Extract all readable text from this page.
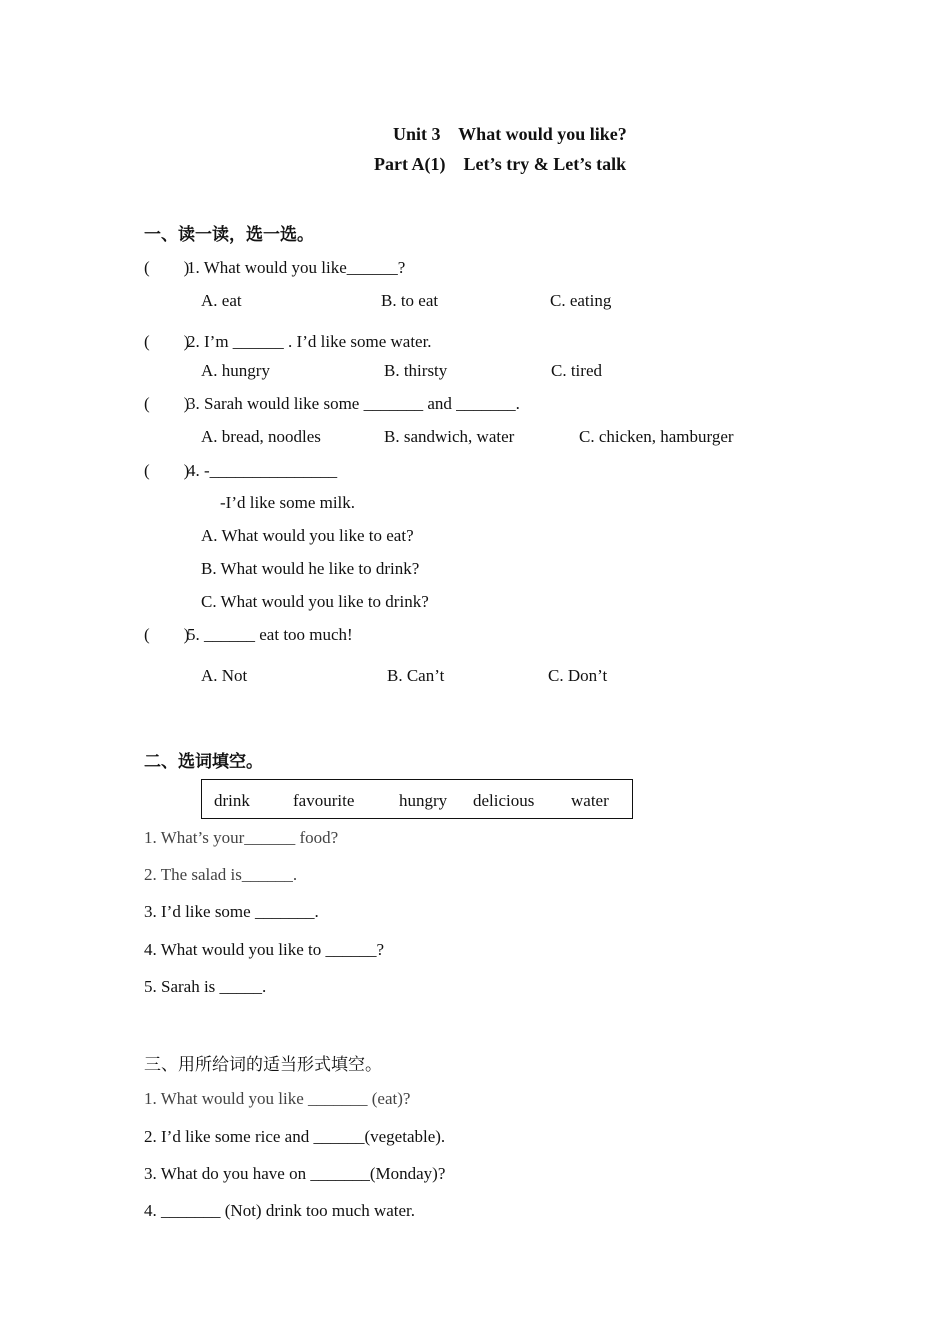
Unit 3    What would you like?
Part A(1)    Let’s try & Let’s talk
一、读一读，选一选。
(        )
1. What would you like______?
A. eat	B. to eat	C. eating
(        )
2. I’m ______ . I’d like some water.
A. hungry	B. thirsty	C. tired
(        )
3. Sarah would like some _______ and _______.
A. bread, noodles	B. sandwich, water	C. chicken, hamburger
(        )
4. -_______________
-I’d like some milk.
A. What would you like to eat?
B. What would he like to drink?
C. What would you like to drink?
(        )
5. ______ eat too much!
A. Not	B. Can’t	C. Don’t
二、选词填空。
drink	favourite	hungry delicious water
1. What’s your______ food?
2. The salad is______.
3. I’d like some _______.
4. What would you like to ______?
5. Sarah is _____.
三、用所给词的适当形式填空。
1. What would you like _______ (eat)?
2. I’d like some rice and ______(vegetable).
3. What do you have on _______(Monday)?
4. _______ (Not) drink too much water.
